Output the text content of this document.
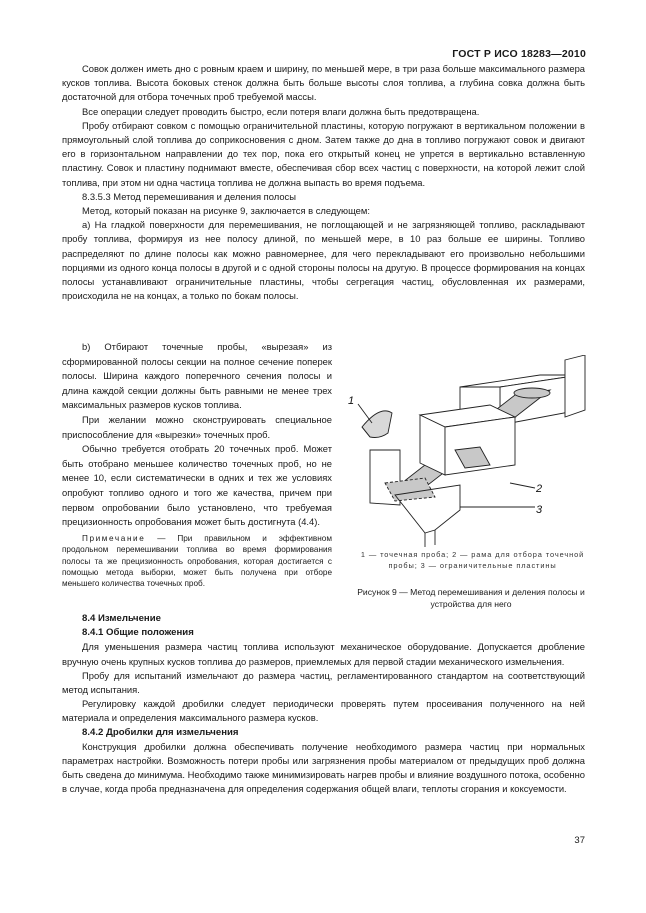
ГОСТ Р ИСО 18283—2010

Совок должен иметь дно с ровным краем и ширину, по меньшей мере, в три раза больше максимального размера кусков топлива. Высота боковых стенок должна быть больше высоты слоя топлива, а глубина совка должна быть достаточной для отбора точечных проб требуемой массы.

Все операции следует проводить быстро, если потеря влаги должна быть предотвращена.

Пробу отбирают совком с помощью ограничительной пластины, которую погружают в вертикальном положении в прямоугольный слой топлива до соприкосновения с дном. Затем также до дна в топливо погружают совок и двигают его в горизонтальном направлении до тех пор, пока его открытый конец не упрется в вертикально вставленную пластину. Совок и пластину поднимают вместе, обеспечивая сбор всех частиц с поверхности, на которой лежит слой топлива, при этом ни одна частица топлива не должна выпасть во время подъема.

8.3.5.3 Метод перемешивания и деления полосы

Метод, который показан на рисунке 9, заключается в следующем:

a) На гладкой поверхности для перемешивания, не поглощающей и не загрязняющей топливо, раскладывают пробу топлива, формируя из нее полосу длиной, по меньшей мере, в 10 раз больше ее ширины. Топливо распределяют по длине полосы как можно равномернее, для чего перекладывают его произвольно небольшими порциями из одного конца полосы в другой и с одной стороны полосы на другую. В процессе формирования на концах полосы устанавливают ограничительные пластины, чтобы сегрегация частиц, обусловленная их размерами, происходила не на концах, а только по бокам полосы.

b) Отбирают точечные пробы, «вырезая» из сформированной полосы секции на полное сечение поперек полосы. Ширина каждого поперечного сечения полосы и длина каждой секции должны быть равными не менее трех максимальных размеров кусков топлива.

При желании можно сконструировать специальное приспособление для «вырезки» точечных проб.

Обычно требуется отобрать 20 точечных проб. Может быть отобрано меньшее количество точечных проб, но не менее 10, если систематически в одних и тех же условиях опробуют топливо одного и того же качества, причем при первом опробовании было установлено, что требуемая прецизионность опробования может быть достигнута (4.4).

Примечание — При правильном и эффективном продольном перемешивании топлива во время формирования полосы та же прецизионность опробования, которая достигается с помощью метода выборки, может быть получена при отборе меньшего количества точечных проб.

1
2
3
1 — точечная проба; 2 — рама для отбора точечной пробы; 3 — ограничительные пластины
Рисунок 9 — Метод перемешивания и деления полосы и устройства для него
8.4 Измельчение
8.4.1 Общие положения

Для уменьшения размера частиц топлива используют механическое оборудование. Допускается дробление вручную очень крупных кусков топлива до размеров, приемлемых для первой стадии механического измельчения.

Пробу для испытаний измельчают до размера частиц, регламентированного стандартом на соответствующий метод испытания.

Регулировку каждой дробилки следует периодически проверять путем просеивания полученного на ней материала и определения максимального размера кусков.

8.4.2 Дробилки для измельчения

Конструкция дробилки должна обеспечивать получение необходимого размера частиц при нормальных параметрах настройки. Возможность потери пробы или загрязнения пробы материалом от предыдущих проб должна быть сведена до минимума. Необходимо также минимизировать нагрев пробы и влияние воздушного потока, особенно в случае, когда проба предназначена для определения содержания общей влаги, теплоты сгорания и коксуемости.

37
